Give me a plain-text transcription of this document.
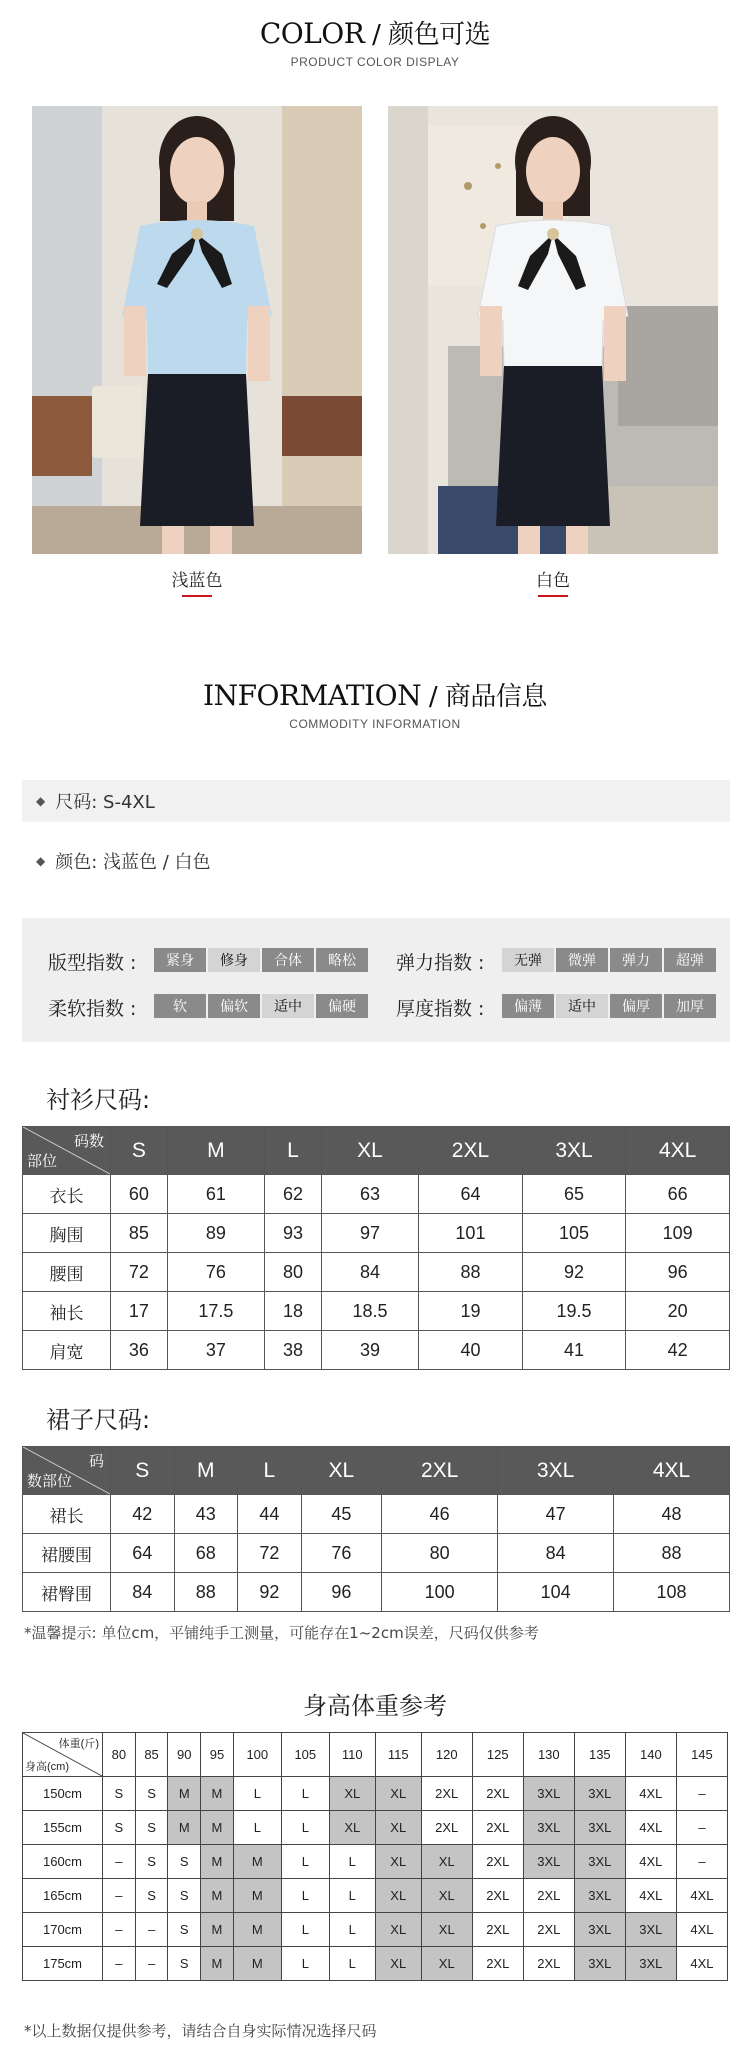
COLOR / 颜色可选
PRODUCT COLOR DISPLAY
浅蓝色	白色
INFORMATION / 商品信息
COMMODITY INFORMATION
◆ 尺码: S-4XL
◆ 颜色: 浅蓝色 / 白色
版型指数 :	弹力指数 :
柔软指数 :	厚度指数 :
紧身	修身	合体	略松	无弹	微弹	弹力	超弹
软	偏软	适中	偏硬	偏薄	适中	偏厚	加厚
衬衫尺码:
码数
部位	S	M	L	XL	2XL	3XL	4XL
衣长	60	61	62	63	64	65	66
胸围	85	89	93	97	101	105	109
腰围	72	76	80	84	88	92	96
袖长	17	17.5	18	18.5	19	19.5	20
肩宽	36	37	38	39	40	41	42
裙子尺码:
码
数部位	S	M	L	XL	2XL	3XL	4XL
裙长	42	43	44	45	46	47	48
裙腰围	64	68	72	76	80	84	88
裙臀围	84	88	92	96	100	104	108
*温馨提示: 单位cm，平铺纯手工测量，可能存在1~2cm误差，尺码仅供参考
身高体重参考
体重(斤)
身高(cm)	80	85	90	95	100	105	110	115	120	125	130	135	140	145
150cm	S	S	M	M	L	L	XL	XL	2XL	2XL	3XL	3XL	4XL	–
155cm	S	S	M	M	L	L	XL	XL	2XL	2XL	3XL	3XL	4XL	–
160cm	–	S	S	M	M	L	L	XL	XL	2XL	3XL	3XL	4XL	–
165cm	–	S	S	M	M	L	L	XL	XL	2XL	2XL	3XL	4XL	4XL
170cm	–	–	S	M	M	L	L	XL	XL	2XL	2XL	3XL	3XL	4XL
175cm	–	–	S	M	M	L	L	XL	XL	2XL	2XL	3XL	3XL	4XL
*以上数据仅提供参考，请结合自身实际情况选择尺码
